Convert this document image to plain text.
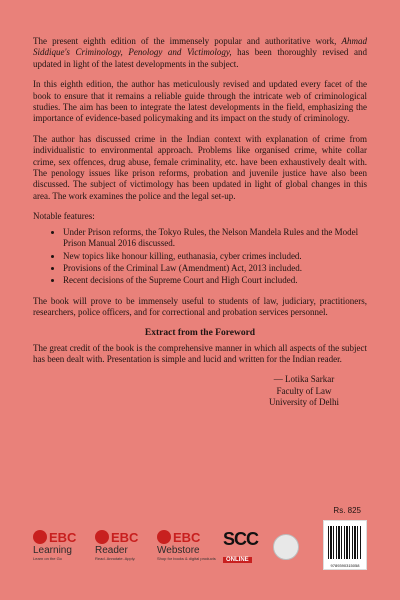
The present eighth edition of the immensely popular and authoritative work, Ahmad Siddique's Criminology, Penology and Victimology, has been thoroughly revised and updated in light of the latest developments in the subject.

In this eighth edition, the author has meticulously revised and updated every facet of the book to ensure that it remains a reliable guide through the intricate web of criminological studies. The aim has been to integrate the latest developments in the field, emphasizing the importance of evidence-based policymaking and its impact on the study of criminology.

The author has discussed crime in the Indian context with explanation of crime from individualistic to environmental approach. Problems like organised crime, white collar crime, sex offences, drug abuse, female criminality, etc. have been exhaustively dealt with. The penology issues like prison reforms, probation and juvenile justice have also been discussed. The subject of victimology has been updated in light of global changes in this area. The work examines the police and the legal set-up.

Notable features:

• Under Prison reforms, the Tokyo Rules, the Nelson Mandela Rules and the Model Prison Manual 2016 discussed.
• New topics like honour killing, euthanasia, cyber crimes included.
• Provisions of the Criminal Law (Amendment) Act, 2013 included.
• Recent decisions of the Supreme Court and High Court included.

The book will prove to be immensely useful to students of law, judiciary, practitioners, researchers, police officers, and for correctional and probation services personnel.

Extract from the Foreword

The great credit of the book is the comprehensive manner in which all aspects of the subject has been dealt with. Presentation is simple and lucid and written for the Indian reader.

— Lotika Sarkar
Faculty of Law
University of Delhi
Rs. 825
EBC
Learning
Learn on the Go
EBC
Reader
Read. Annotate. Apply.
EBC
Webstore
Shop for books & digital products
SCC
ONLINE
9789390315058
